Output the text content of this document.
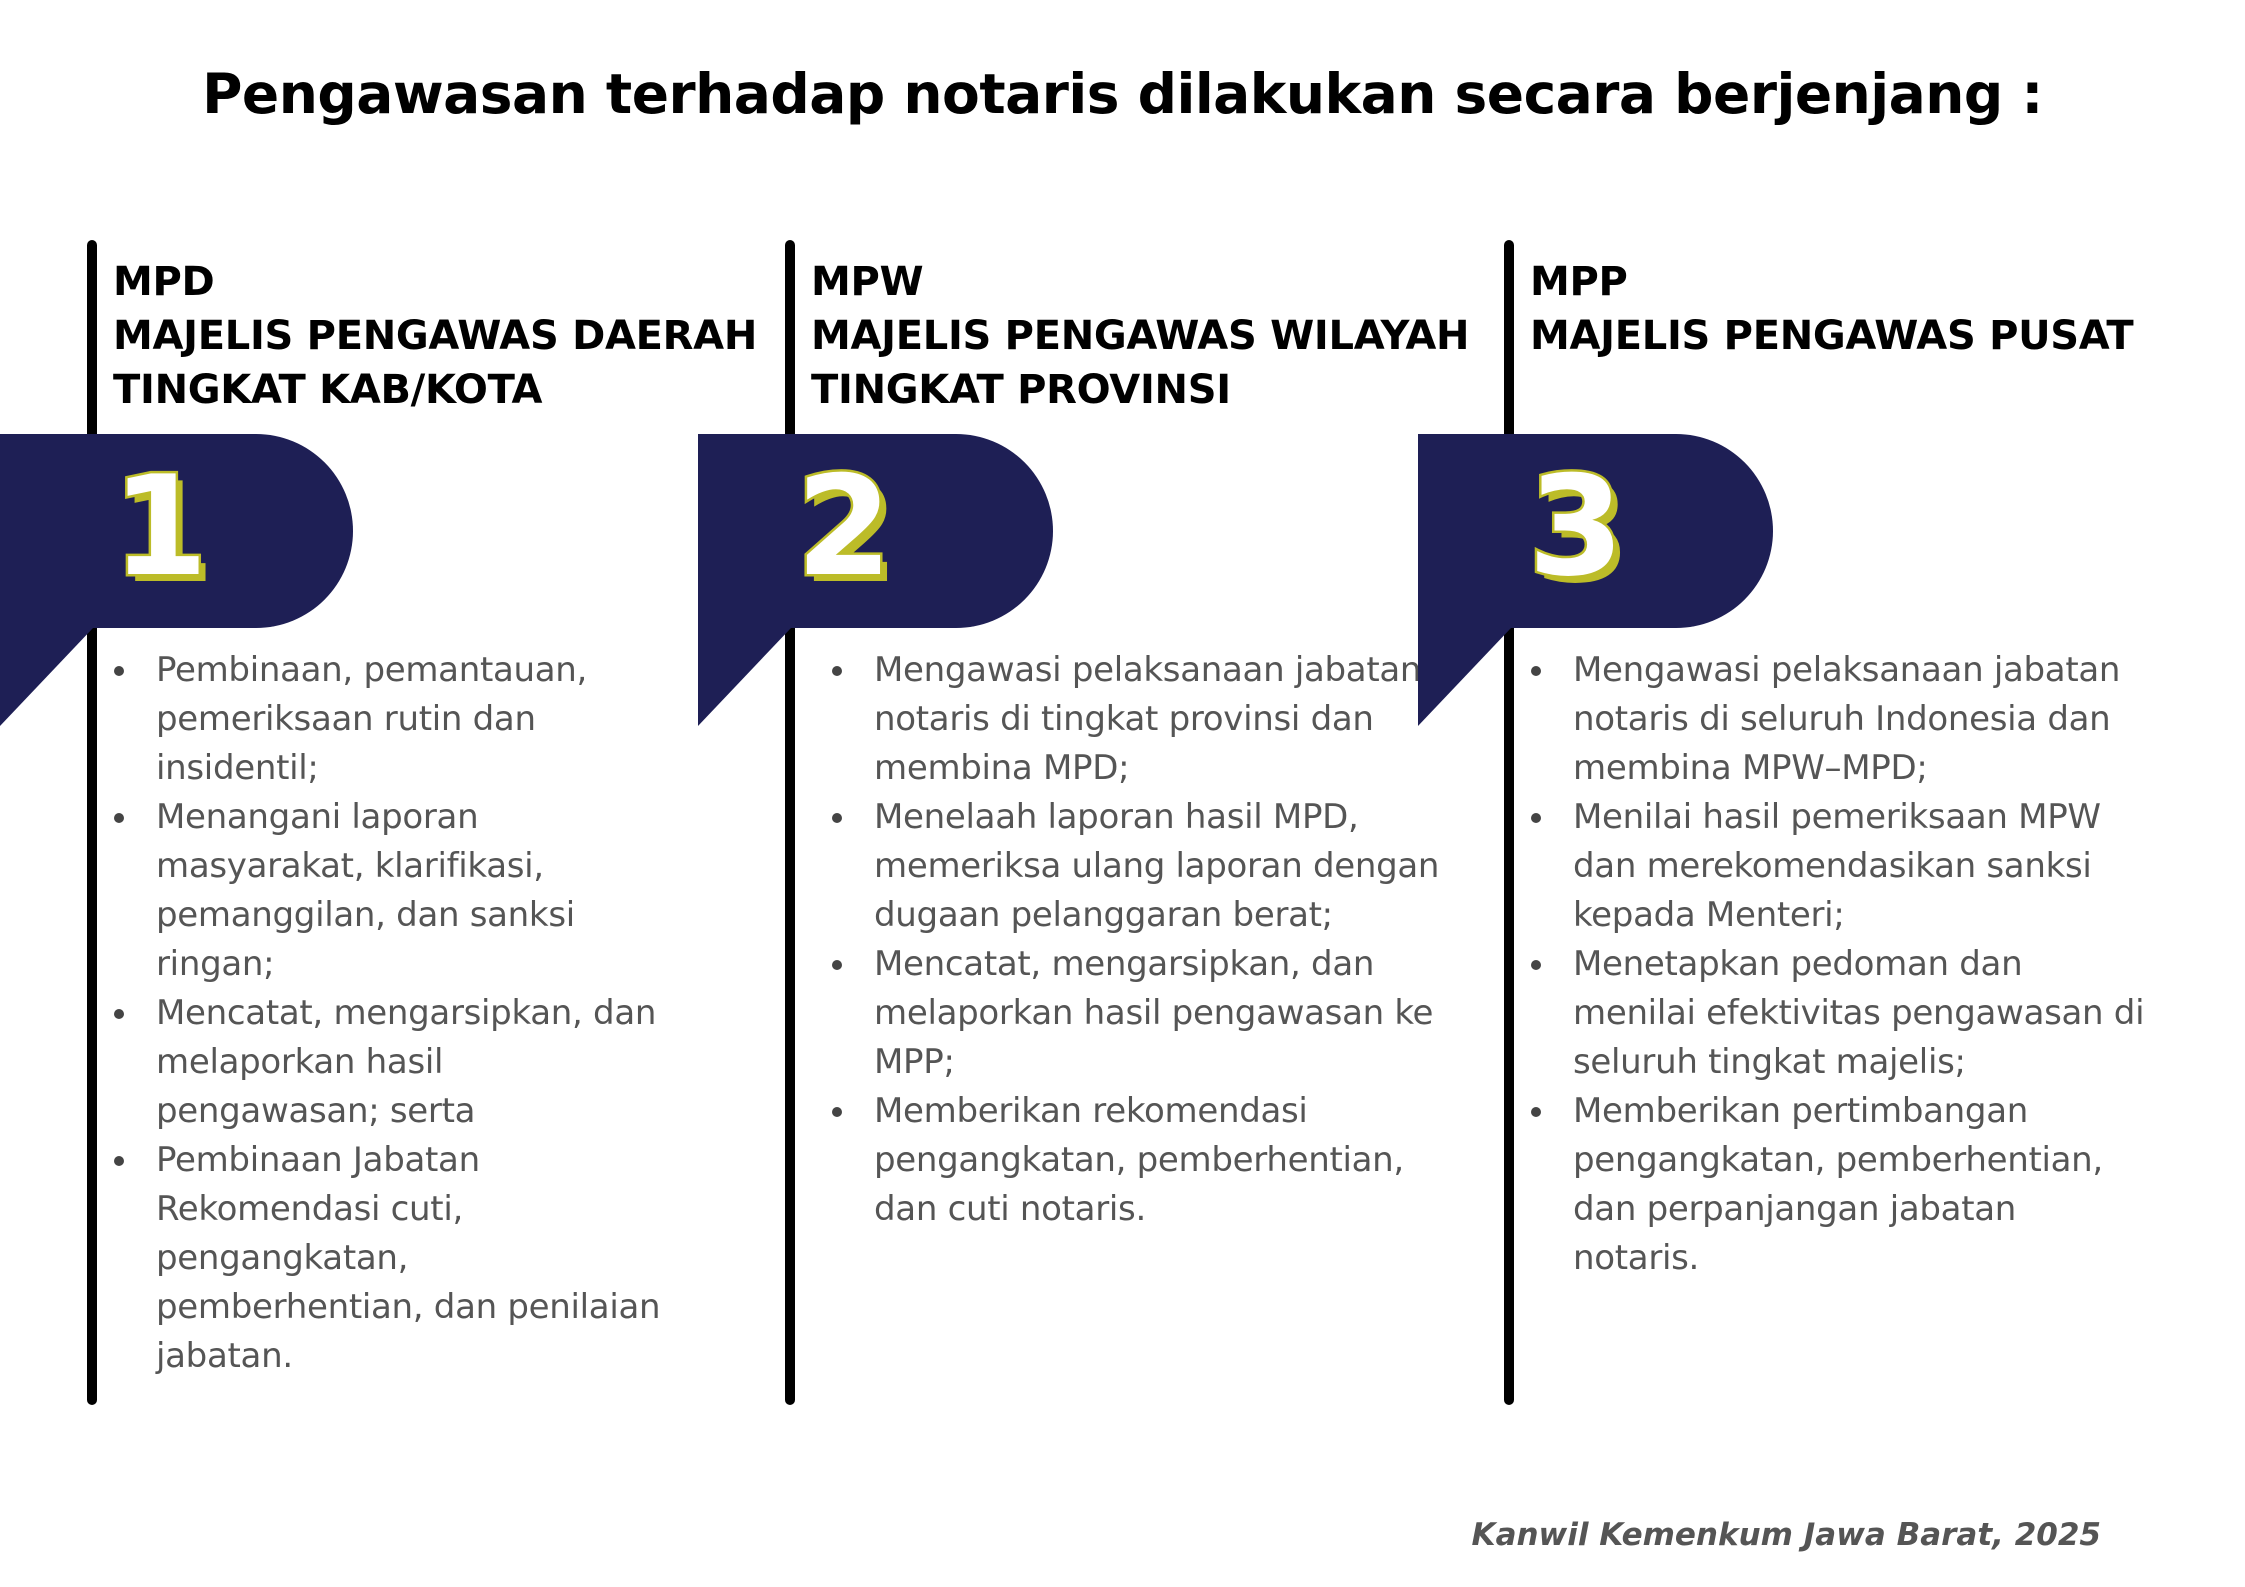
Pengawasan terhadap notaris dilakukan secara berjenjang :
MPD
MAJELIS PENGAWAS DAERAH
TINGKAT KAB/KOTA
1
Pembinaan, pemantauan, pemeriksaan rutin dan insidentil;
Menangani laporan masyarakat, klarifikasi, pemanggilan, dan sanksi ringan;
Mencatat, mengarsipkan, dan melaporkan hasil pengawasan; serta
Pembinaan Jabatan Rekomendasi cuti, pengangkatan, pemberhentian, dan penilaian jabatan.
MPW
MAJELIS PENGAWAS WILAYAH
TINGKAT PROVINSI
2
Mengawasi pelaksanaan jabatan notaris di tingkat provinsi dan membina MPD;
Menelaah laporan hasil MPD, memeriksa ulang laporan dengan dugaan pelanggaran berat;
Mencatat, mengarsipkan, dan melaporkan hasil pengawasan ke MPP;
Memberikan rekomendasi pengangkatan, pemberhentian, dan cuti notaris.
MPP
MAJELIS PENGAWAS PUSAT
3
Mengawasi pelaksanaan jabatan notaris di seluruh Indonesia dan membina MPW–MPD;
Menilai hasil pemeriksaan MPW dan merekomendasikan sanksi kepada Menteri;
Menetapkan pedoman dan menilai efektivitas pengawasan di seluruh tingkat majelis;
Memberikan pertimbangan pengangkatan, pemberhentian, dan perpanjangan jabatan notaris.
Kanwil Kemenkum Jawa Barat, 2025
